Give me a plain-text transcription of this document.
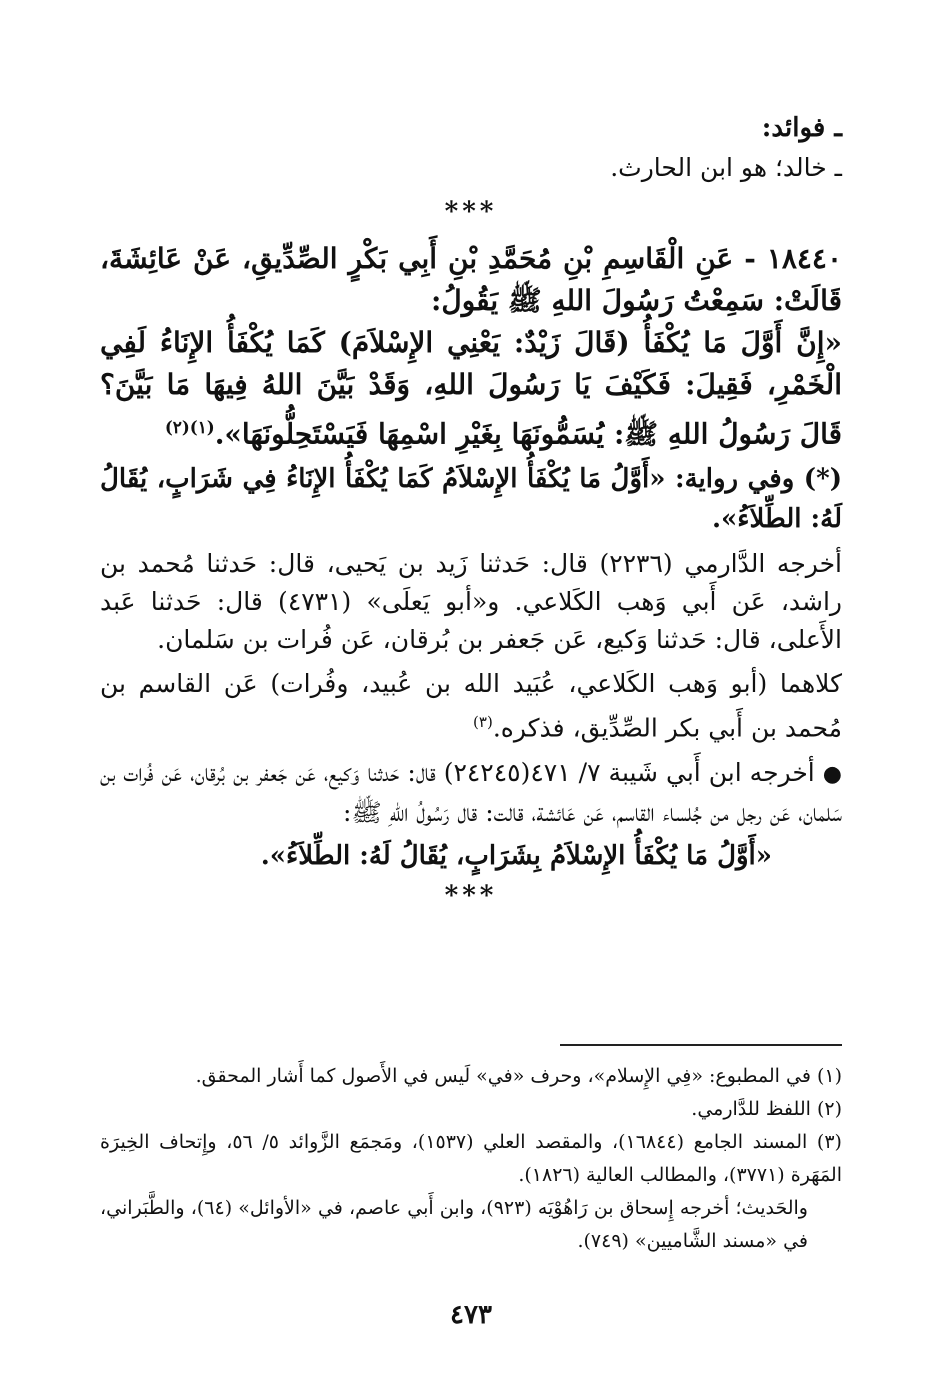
ـ فوائد:

ـ خالد؛ هو ابن الحارث.

***

١٨٤٤٠ - عَنِ الْقَاسِمِ بْنِ مُحَمَّدِ بْنِ أَبِي بَكْرٍ الصِّدِّيقِ، عَنْ عَائِشَةَ، قَالَتْ: سَمِعْتُ رَسُولَ اللهِ ﷺ يَقُولُ:

«إِنَّ أَوَّلَ مَا يُكْفَأُ (قَالَ زَيْدٌ: يَعْنِي الإِسْلاَمَ) كَمَا يُكْفَأُ الإِنَاءُ لَفِي الْخَمْرِ، فَقِيلَ: فَكَيْفَ يَا رَسُولَ اللهِ، وَقَدْ بَيَّنَ اللهُ فِيهَا مَا بَيَّنَ؟ قَالَ رَسُولُ اللهِ ﷺ: يُسَمُّونَهَا بِغَيْرِ اسْمِهَا فَيَسْتَحِلُّونَهَا».$^{(١)(٢)}$

(*) وفي رواية: «أَوَّلُ مَا يُكْفَأُ الإِسْلاَمُ كَمَا يُكْفَأُ الإِنَاءُ فِي شَرَابٍ، يُقَالُ لَهُ: الطِّلاَءُ».

أخرجه الدَّارمي (٢٢٣٦) قال: حَدثنا زَيد بن يَحيى، قال: حَدثنا مُحمد بن راشد، عَن أَبي وَهب الكَلاعي. و«أبو يَعلَى» (٤٧٣١) قال: حَدثنا عَبد الأَعلى، قال: حَدثنا وَكيع، عَن جَعفر بن بُرقان، عَن فُرات بن سَلمان.

كلاهما (أبو وَهب الكَلاعي، عُبَيد الله بن عُبيد، وفُرات) عَن القاسم بن مُحمد بن أَبي بكر الصِّدِّيق، فذكره.$^{(٣)}$

● أخرجه ابن أَبي شَيبة ٧/ ٤٧١(٢٤٢٤٥) قال: حَدثنا وَكيع، عَن جَعفر بن بُرقان، عَن فُرات بن سَلمان، عَن رجل من جُلساء القاسم، عَن عَائشة، قالت: قال رَسُولُ اللهِ ﷺ:

«أَوَّلُ مَا يُكْفَأُ الإِسْلاَمُ بِشَرَابٍ، يُقَالُ لَهُ: الطِّلاَءُ».

***

(١) في المطبوع: «فِي الإِسلام»، وحرف «في» لَيس في الأَصول كما أَشار المحقق.

(٢) اللفظ للدَّارمي.

(٣) المسند الجامع (١٦٨٤٤)، والمقصد العلي (١٥٣٧)، ومَجمَع الزَّوائد ٥/ ٥٦، وإِتحاف الخِيرَة المَهَرة (٣٧٧١)، والمطالب العالية (١٨٢٦).

والحَديث؛ أخرجه إِسحاق بن رَاهُوْيَه (٩٢٣)، وابن أَبي عاصم، في «الأوائل» (٦٤)، والطَّبَراني، في «مسند الشَّاميين» (٧٤٩).

٤٧٣
